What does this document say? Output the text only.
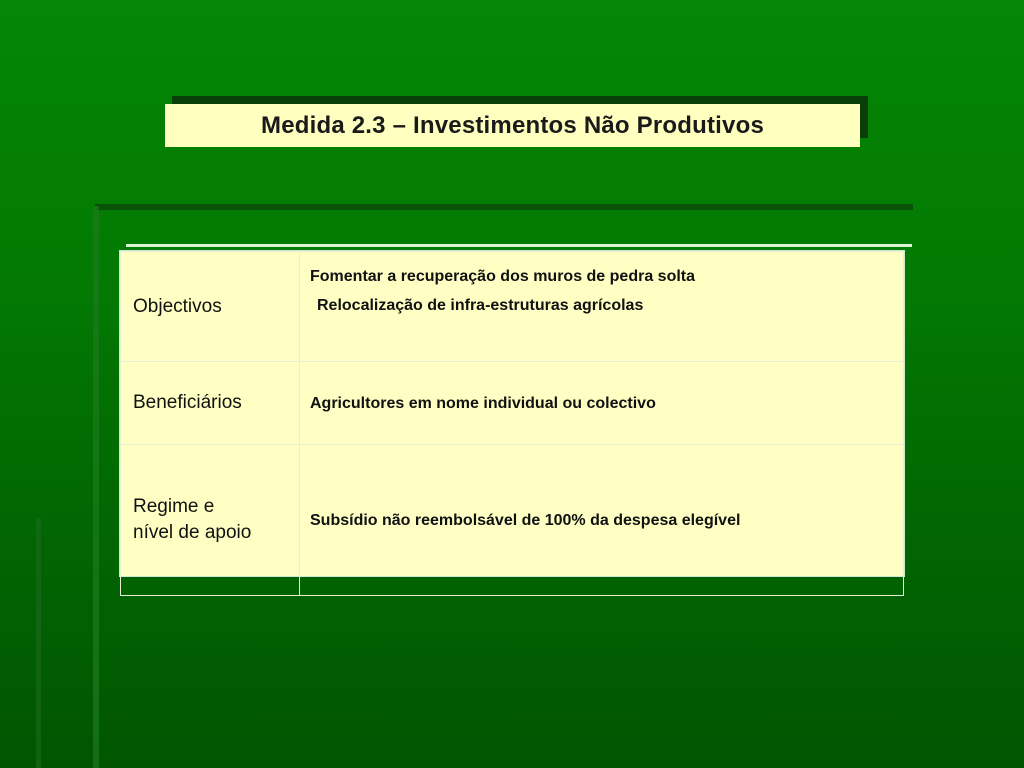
Medida 2.3 – Investimentos Não Produtivos
Objectivos	Fomentar a recuperação dos muros de pedra solta
Relocalização de infra-estruturas agrícolas

Beneficiários	Agricultores em nome individual ou colectivo

Regime e nível de apoio	Subsídio não reembolsável de 100% da despesa elegível
